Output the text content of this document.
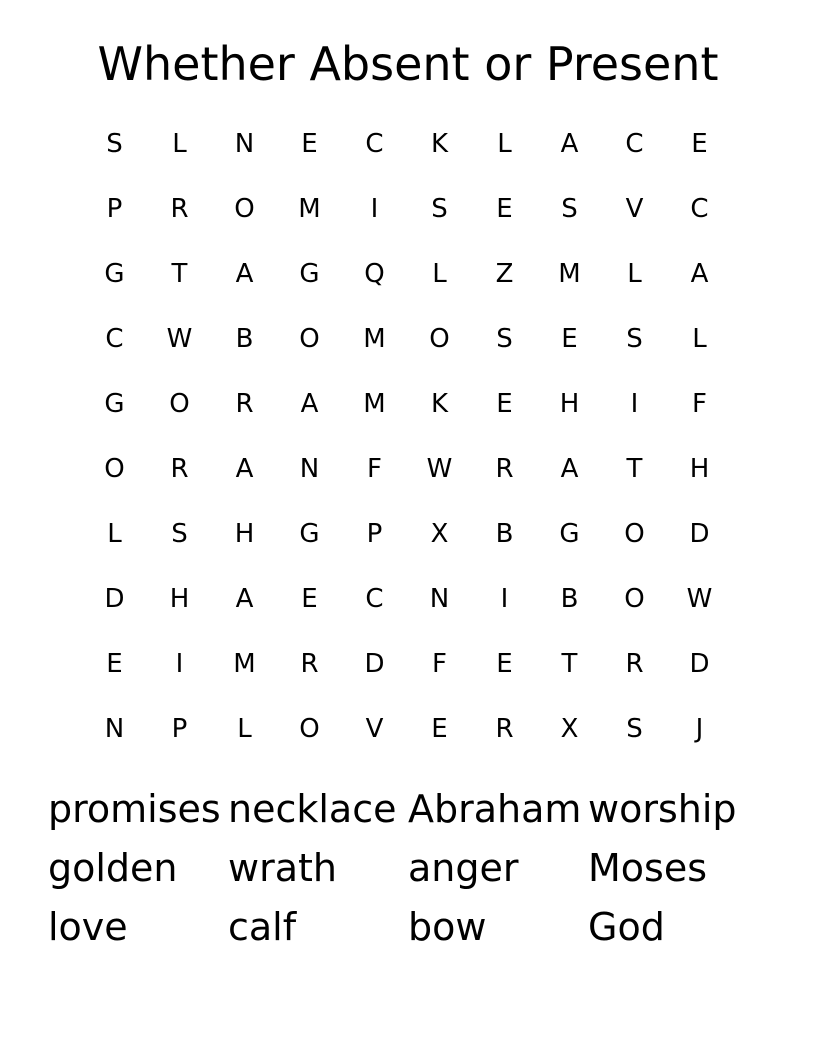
Whether Absent or Present
S	L	N	E	C	K	L	A	C	E
P	R	O	M	I	S	E	S	V	C
G	T	A	G	Q	L	Z	M	L	A
C	W	B	O	M	O	S	E	S	L
G	O	R	A	M	K	E	H	I	F
O	R	A	N	F	W	R	A	T	H
L	S	H	G	P	X	B	G	O	D
D	H	A	E	C	N	I	B	O	W
E	I	M	R	D	F	E	T	R	D
N	P	L	O	V	E	R	X	S	J
promises necklace Abraham worship
golden	wrath	anger	Moses
love	calf	bow	God
